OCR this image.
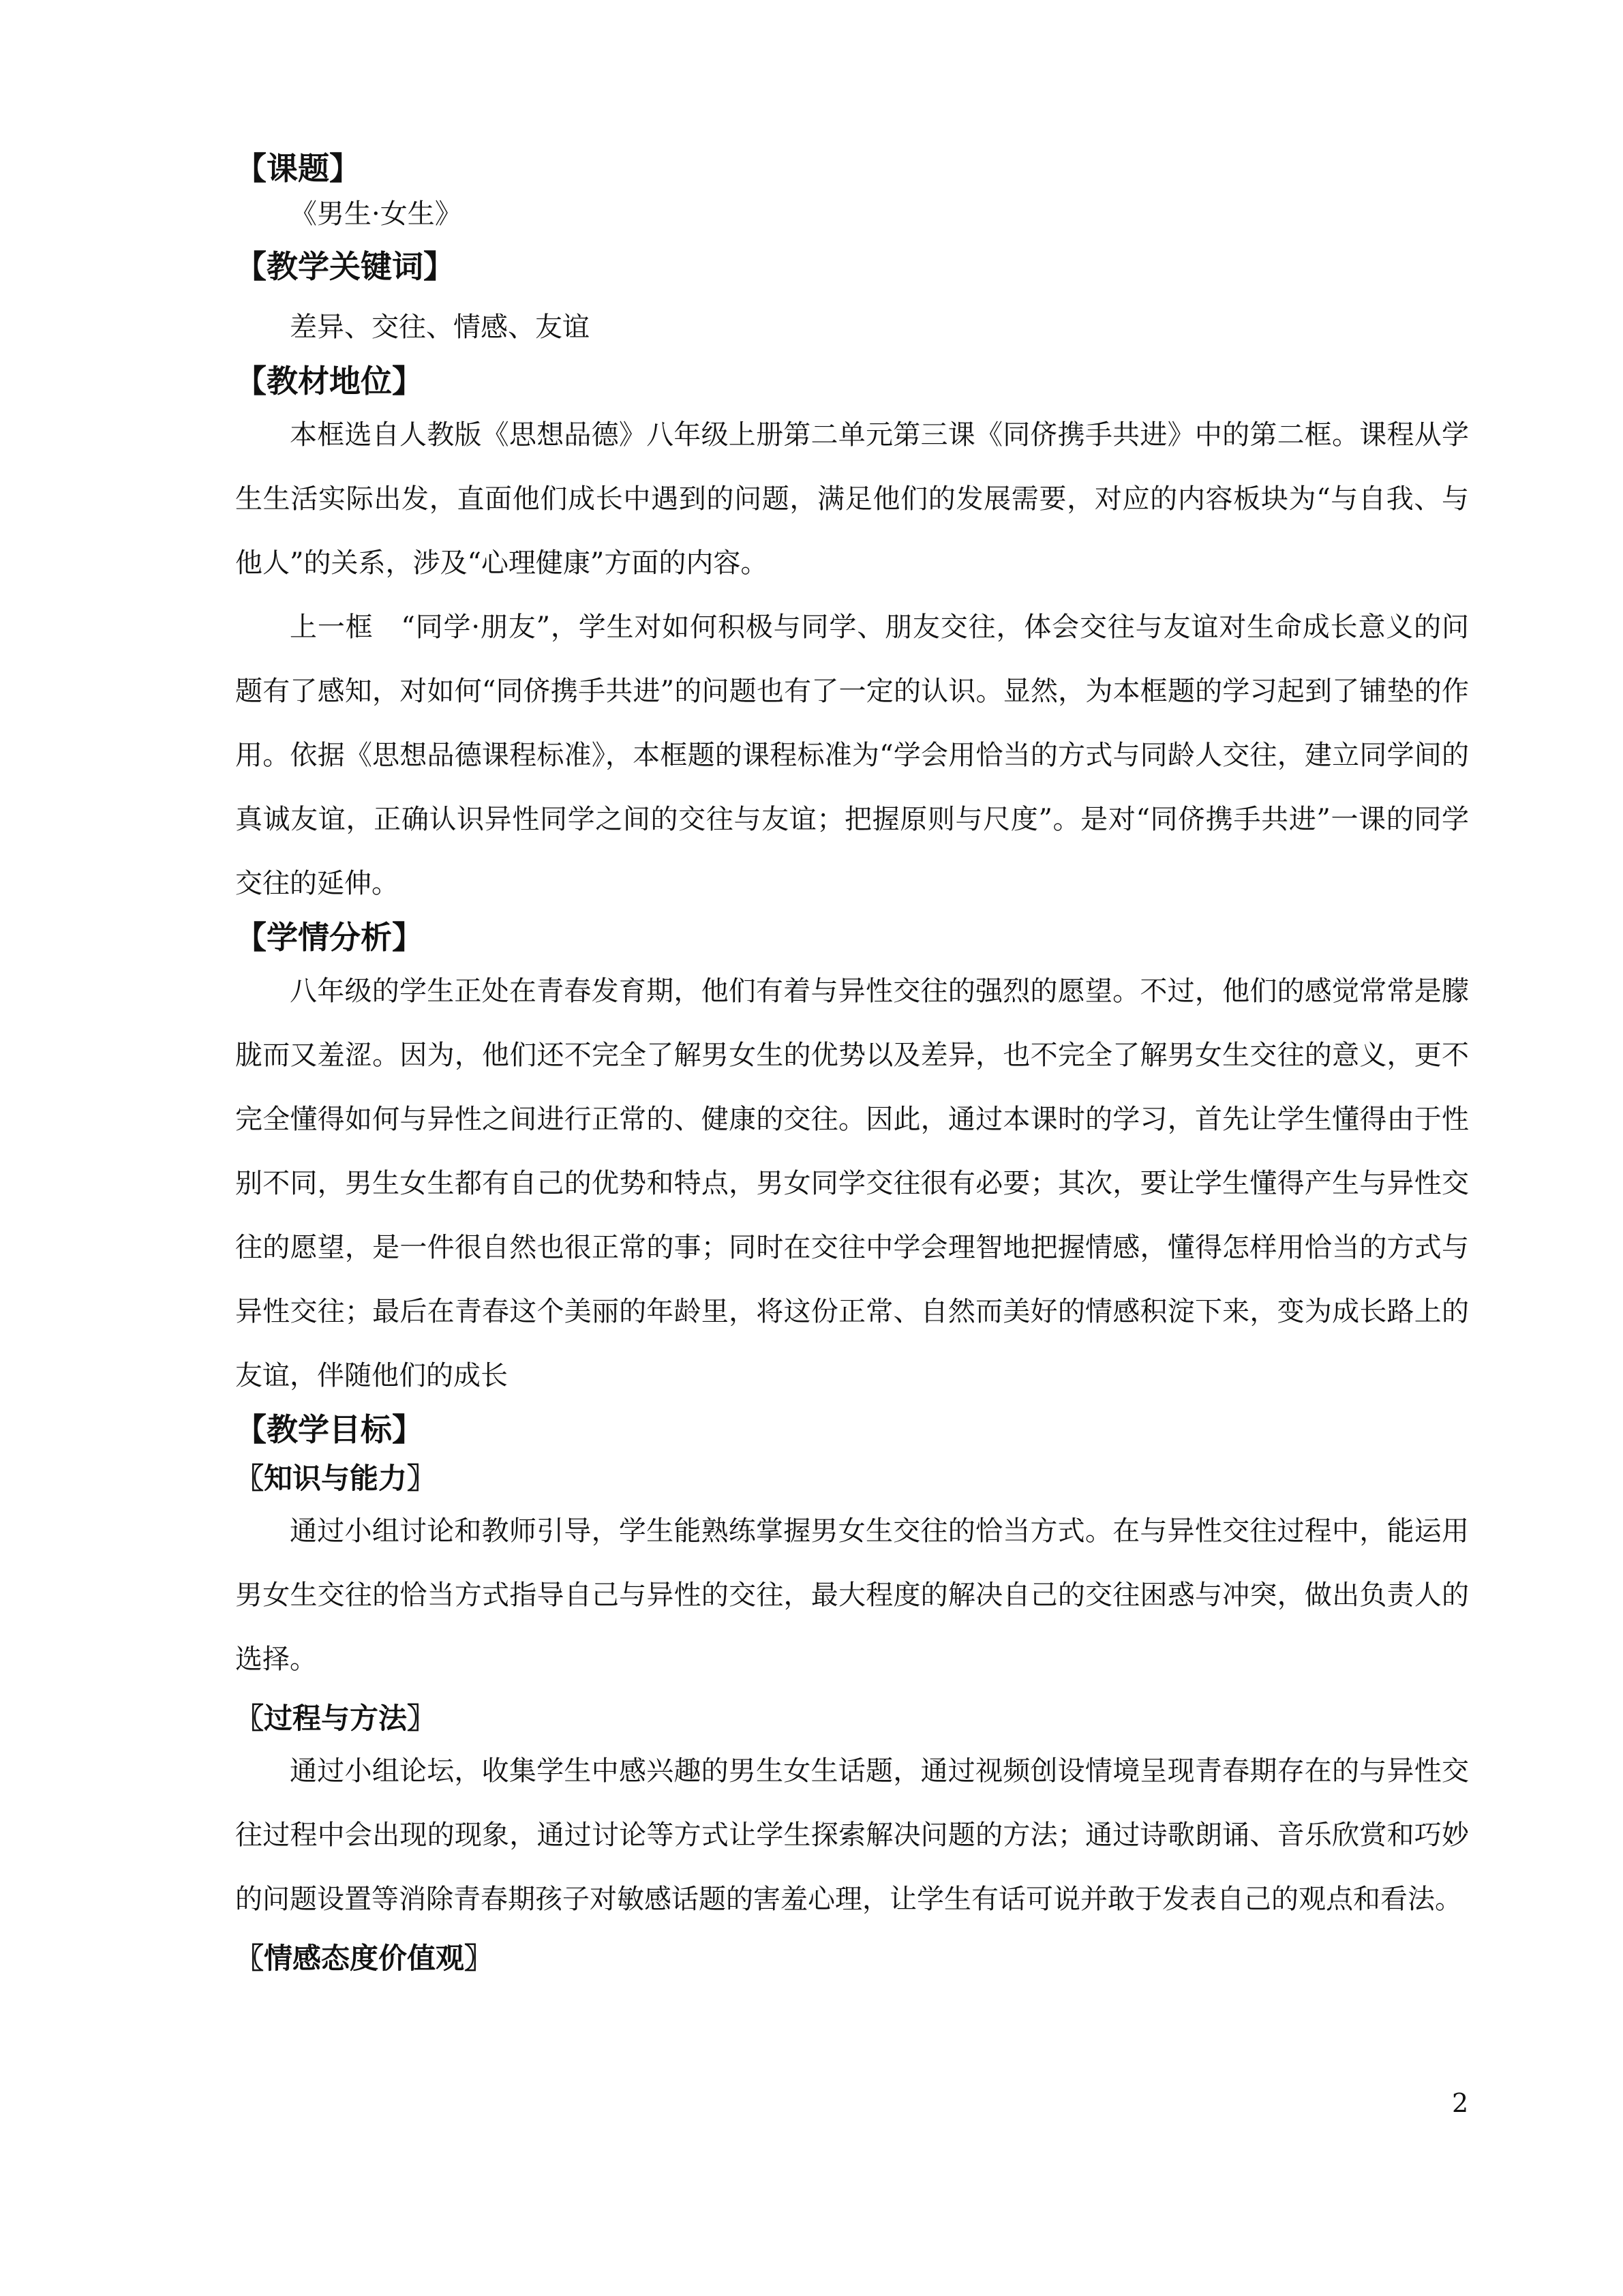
【课题】

《男生·女生》

【教学关键词】

差异、交往、情感、友谊

【教材地位】

本框选自人教版《思想品德》八年级上册第二单元第三课《同侪携手共进》中的第二框。课程从学生生活实际出发，直面他们成长中遇到的问题，满足他们的发展需要，对应的内容板块为“与自我、与他人”的关系，涉及“心理健康”方面的内容。

上一框　“同学·朋友”，学生对如何积极与同学、朋友交往，体会交往与友谊对生命成长意义的问题有了感知，对如何“同侪携手共进”的问题也有了一定的认识。显然，为本框题的学习起到了铺垫的作用。依据《思想品德课程标准》，本框题的课程标准为“学会用恰当的方式与同龄人交往，建立同学间的真诚友谊，正确认识异性同学之间的交往与友谊；把握原则与尺度”。是对“同侪携手共进”一课的同学交往的延伸。

【学情分析】

八年级的学生正处在青春发育期，他们有着与异性交往的强烈的愿望。不过，他们的感觉常常是朦胧而又羞涩。因为，他们还不完全了解男女生的优势以及差异，也不完全了解男女生交往的意义，更不完全懂得如何与异性之间进行正常的、健康的交往。因此，通过本课时的学习，首先让学生懂得由于性别不同，男生女生都有自己的优势和特点，男女同学交往很有必要；其次，要让学生懂得产生与异性交往的愿望，是一件很自然也很正常的事；同时在交往中学会理智地把握情感，懂得怎样用恰当的方式与异性交往；最后在青春这个美丽的年龄里，将这份正常、自然而美好的情感积淀下来，变为成长路上的友谊，伴随他们的成长

【教学目标】

〖知识与能力〗

通过小组讨论和教师引导，学生能熟练掌握男女生交往的恰当方式。在与异性交往过程中，能运用男女生交往的恰当方式指导自己与异性的交往，最大程度的解决自己的交往困惑与冲突，做出负责人的选择。

〖过程与方法〗

通过小组论坛，收集学生中感兴趣的男生女生话题，通过视频创设情境呈现青春期存在的与异性交往过程中会出现的现象，通过讨论等方式让学生探索解决问题的方法；通过诗歌朗诵、音乐欣赏和巧妙的问题设置等消除青春期孩子对敏感话题的害羞心理，让学生有话可说并敢于发表自己的观点和看法。

〖情感态度价值观〗

2
